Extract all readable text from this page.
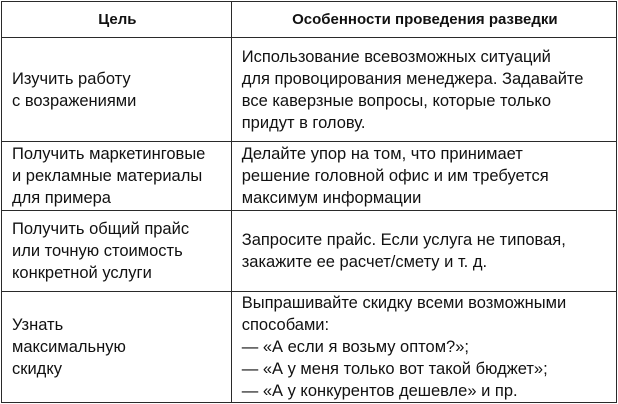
Цель	Особенности проведения разведки

Изучить работу
с возражениями	Использование всевозможных ситуаций
для провоцирования менеджера. Задавайте
все каверзные вопросы, которые только
придут в голову.

Получить маркетинговые
и рекламные материалы
для примера	Делайте упор на том, что принимает
решение головной офис и им требуется
максимум информации

Получить общий прайс
или точную стоимость
конкретной услуги	Запросите прайс. Если услуга не типовая,
закажите ее расчет/смету и т. д.

Узнать
максимальную
скидку	Выпрашивайте скидку всеми возможными
способами:
— «А если я возьму оптом?»;
— «А у меня только вот такой бюджет»;
— «А у конкурентов дешевле» и пр.
